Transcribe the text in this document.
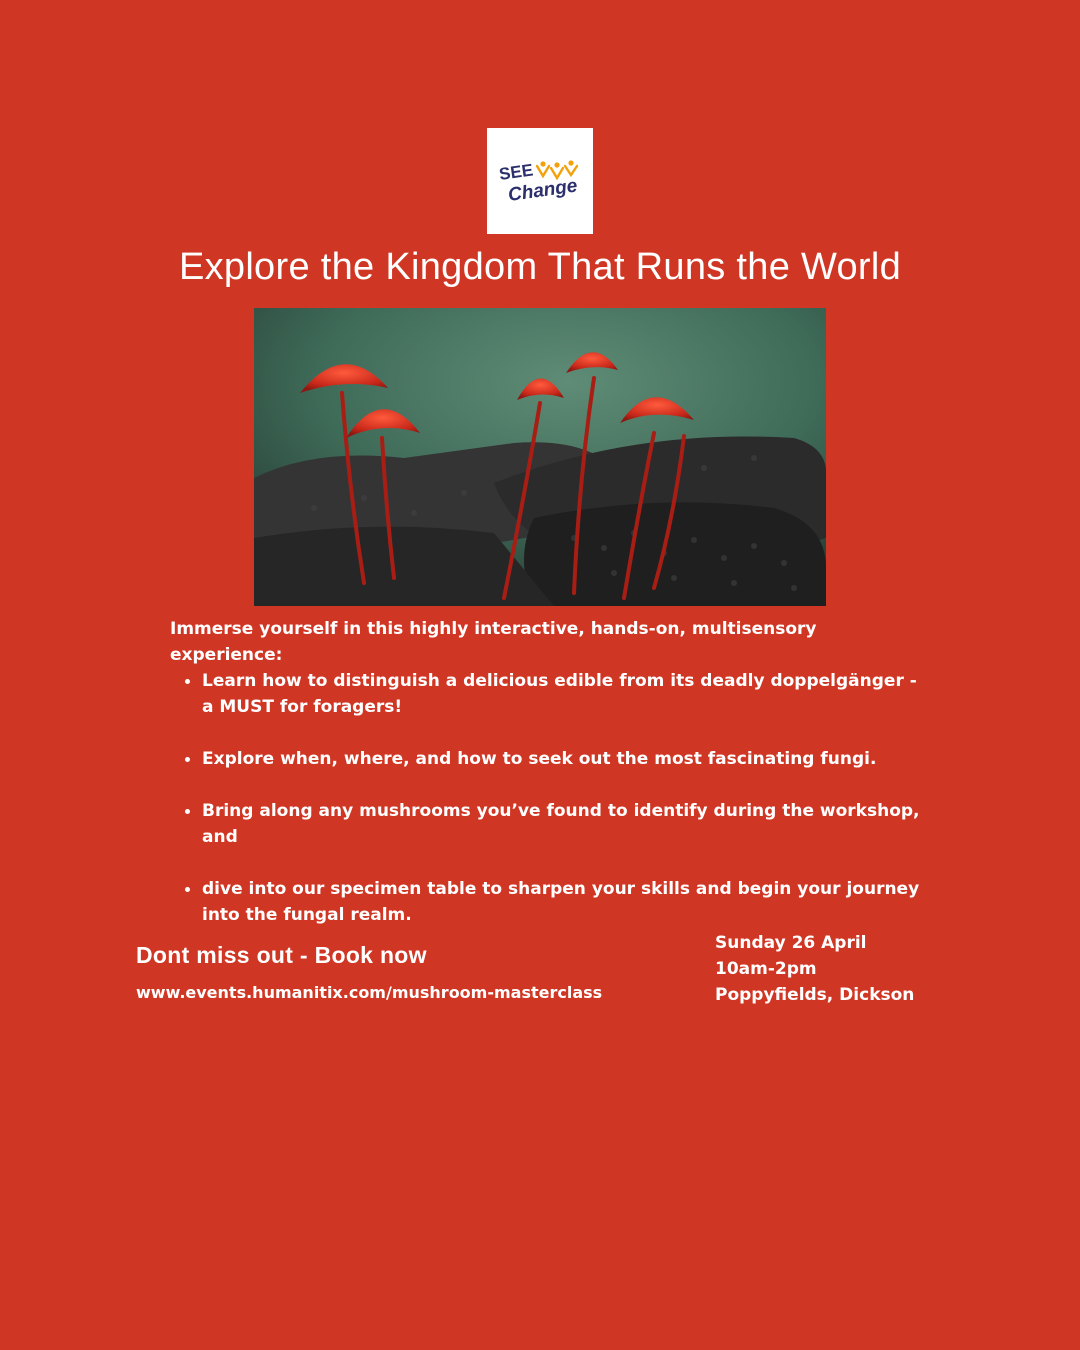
SEE
Change
Explore the Kingdom That Runs the World

Immerse yourself in this highly interactive, hands-on, multisensory experience:

Learn how to distinguish a delicious edible from its deadly doppelgänger - a MUST for foragers!
Explore when, where, and how to seek out the most fascinating fungi.
Bring along any mushrooms you’ve found to identify during the workshop, and
dive into our specimen table to sharpen your skills and begin your journey into the fungal realm.
Dont miss out - Book now
www.events.humanitix.com/mushroom-masterclass
Sunday 26 April
10am-2pm
Poppyfields, Dickson
